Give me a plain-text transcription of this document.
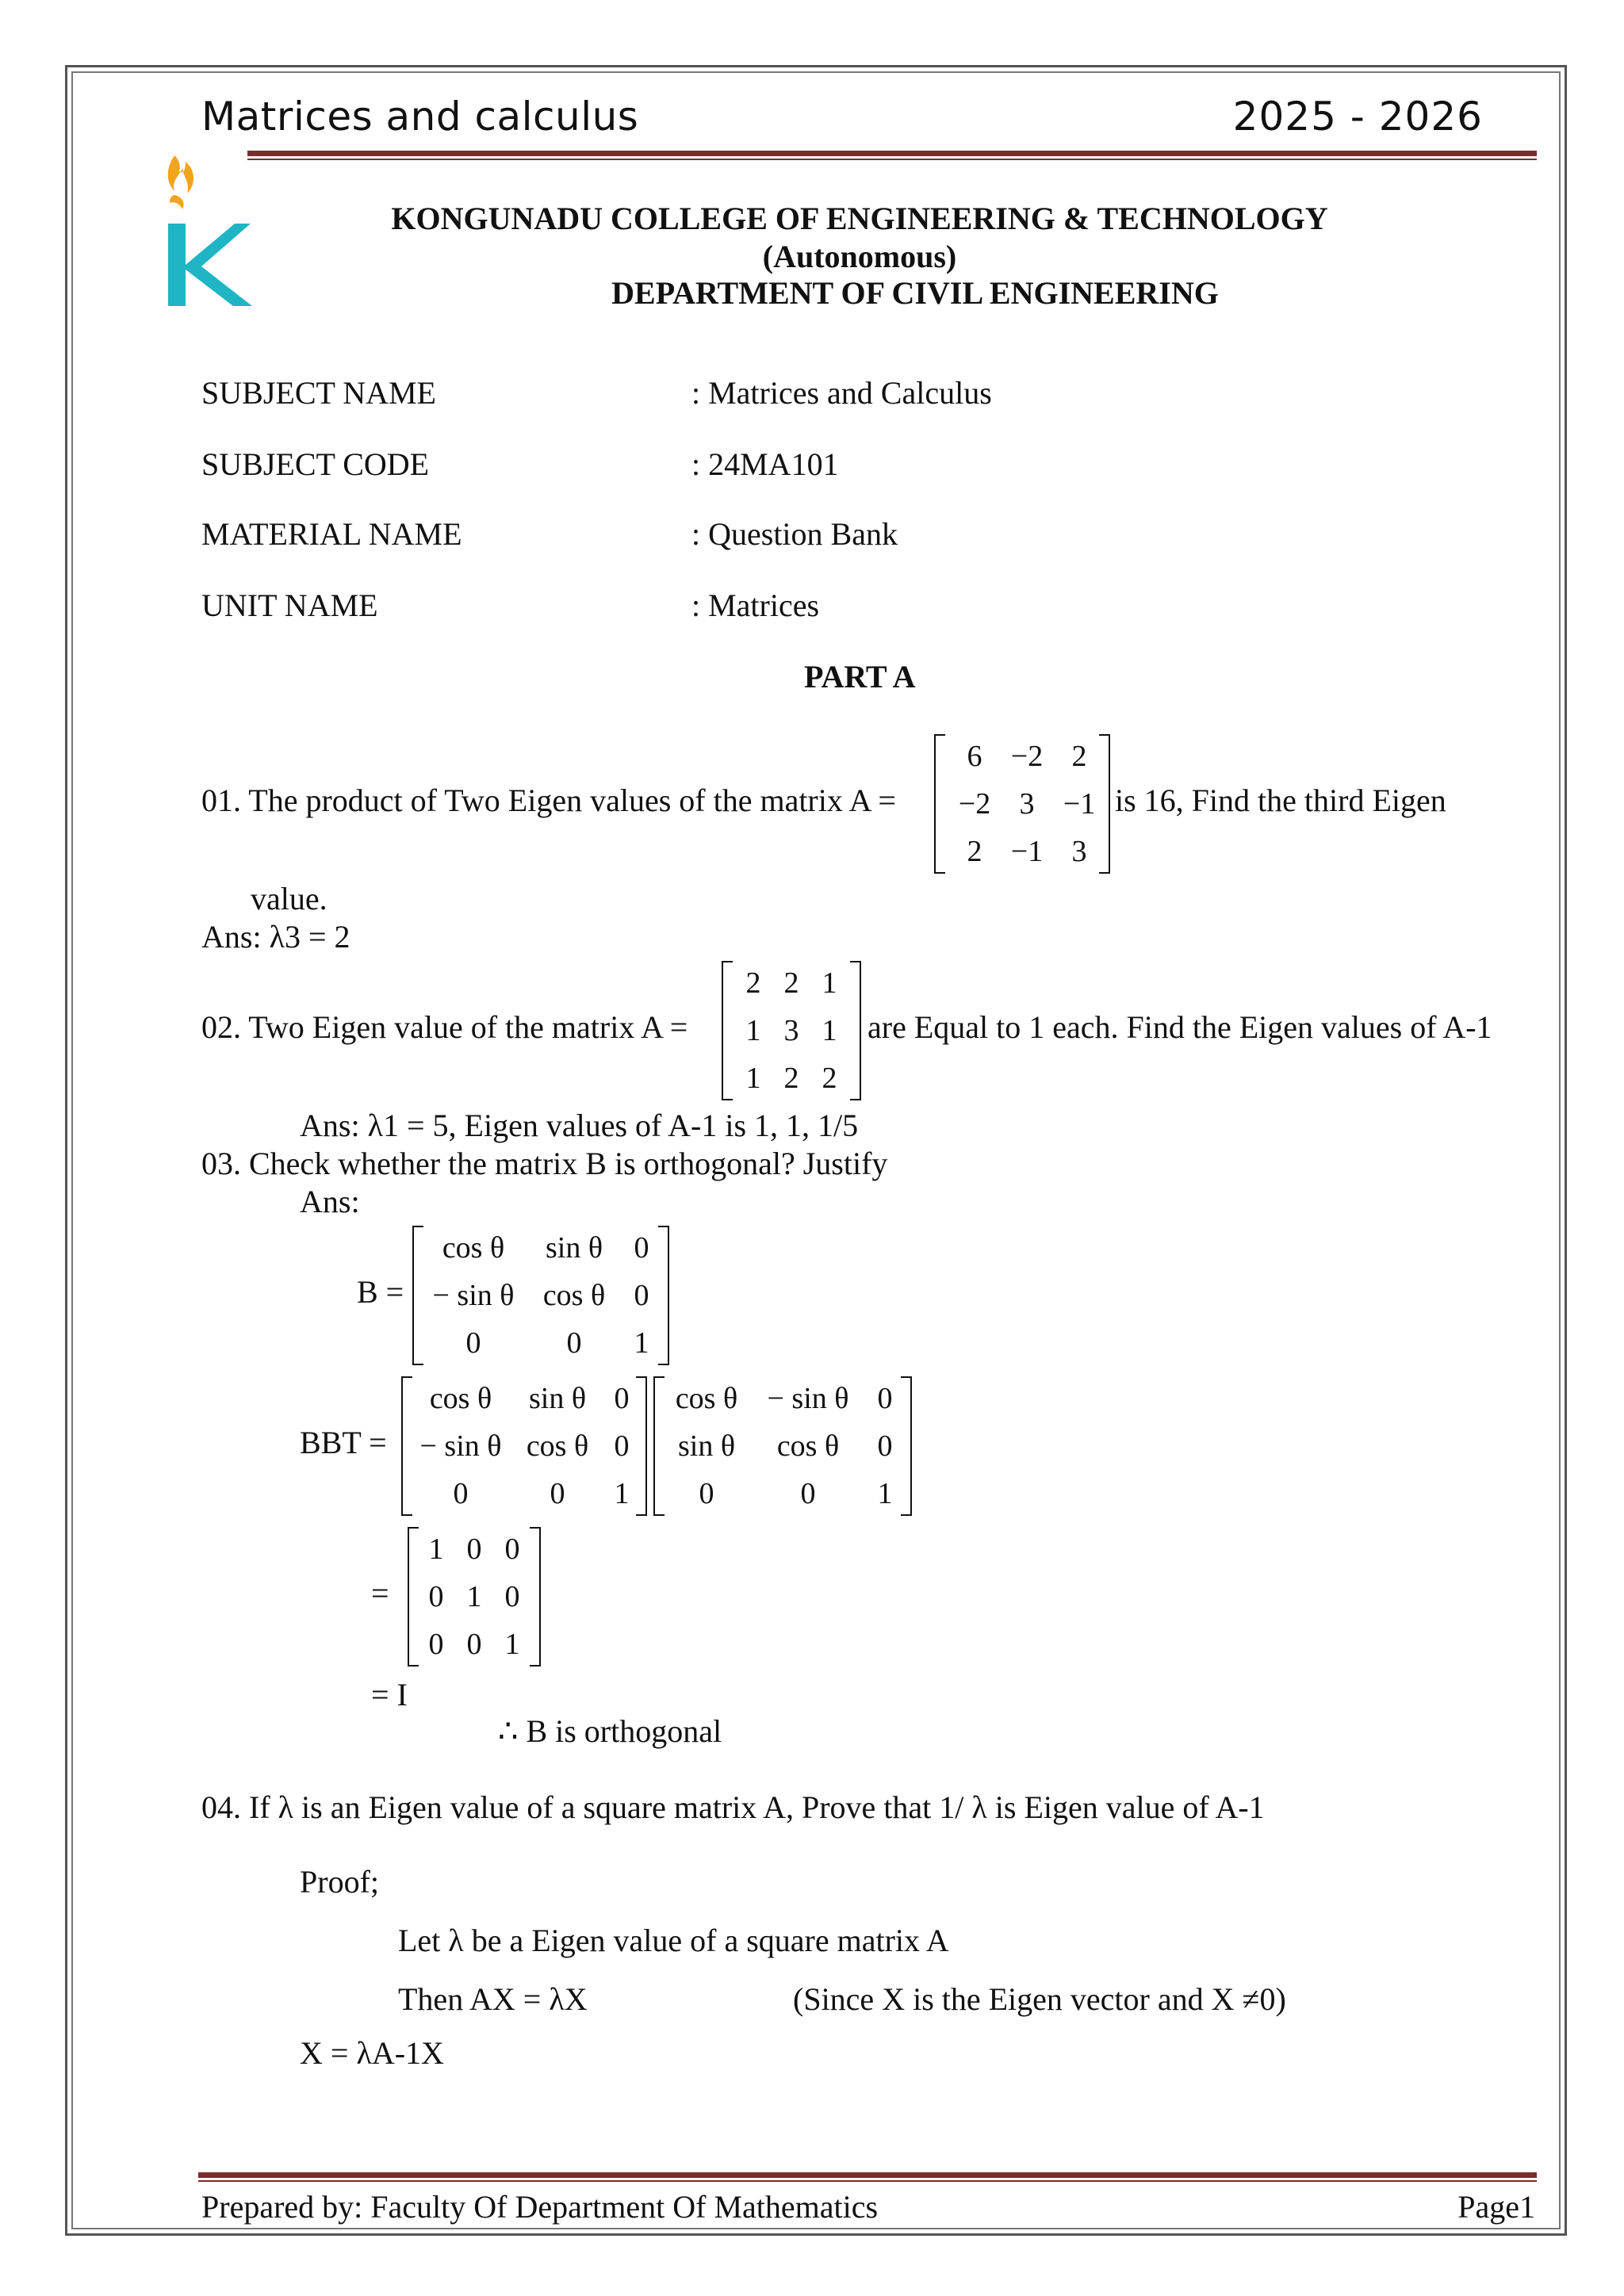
Matrices and calculus	2025 - 2026
KONGUNADU COLLEGE OF ENGINEERING & TECHNOLOGY
(Autonomous)
DEPARTMENT OF CIVIL ENGINEERING
SUBJECT NAME	: Matrices and Calculus
SUBJECT CODE	: 24MA101
MATERIAL NAME	: Question Bank
UNIT NAME	: Matrices
PART A
01. The product of Two Eigen values of the matrix A =
6 −2 2
−2 3 −1
2 −1 3
is 16, Find the third Eigen
value.
Ans: λ3 = 2
02. Two Eigen value of the matrix A =
2 2 1
1 3 1
1 2 2
are Equal to 1 each. Find the Eigen values of A-1
Ans: λ1 = 5, Eigen values of A-1 is 1, 1, 1/5
03. Check whether the matrix B is orthogonal? Justify
Ans:
B =
cos θ	sin θ	0
− sin θ cos θ 0
0	0	1
BBT =
cos θ	sin θ 0
− sin θ cos θ 0
0	0	1
cos θ − sin θ 0
sin θ	cos θ	0
0	0	1
=
1 0 0
0 1 0
0 0 1
= I
∴ B is orthogonal
04. If λ is an Eigen value of a square matrix A, Prove that 1/ λ is Eigen value of A-1
Proof;
Let λ be a Eigen value of a square matrix A
Then AX = λX	(Since X is the Eigen vector and X ≠0)
X = λA-1X
Prepared by: Faculty Of Department Of Mathematics	Page1
